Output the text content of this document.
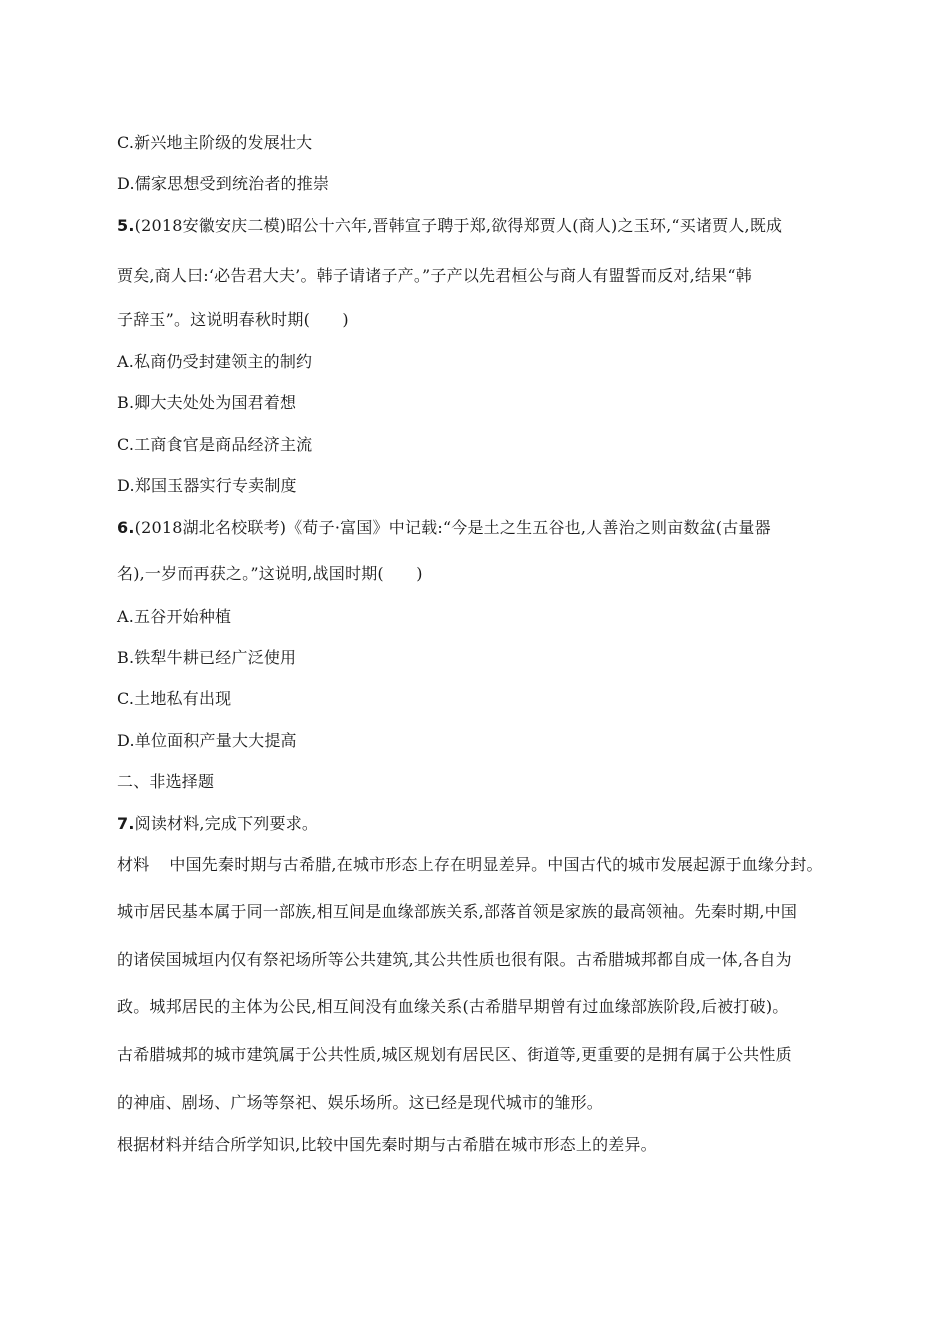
C.新兴地主阶级的发展壮大
D.儒家思想受到统治者的推崇
5.(2018安徽安庆二模)昭公十六年,晋韩宣子聘于郑,欲得郑贾人(商人)之玉环,“买诸贾人,既成
贾矣,商人曰:‘必告君大夫’。韩子请诸子产。”子产以先君桓公与商人有盟誓而反对,结果“韩
子辞玉”。这说明春秋时期(　　)
A.私商仍受封建领主的制约
B.卿大夫处处为国君着想
C.工商食官是商品经济主流
D.郑国玉器实行专卖制度
6.(2018湖北名校联考)《荀子·富国》中记载:“今是土之生五谷也,人善治之则亩数盆(古量器
名),一岁而再获之。”这说明,战国时期(　　)
A.五谷开始种植
B.铁犁牛耕已经广泛使用
C.土地私有出现
D.单位面积产量大大提高
二、非选择题
7.阅读材料,完成下列要求。
材料 中国先秦时期与古希腊,在城市形态上存在明显差异。中国古代的城市发展起源于血缘分封。
城市居民基本属于同一部族,相互间是血缘部族关系,部落首领是家族的最高领袖。先秦时期,中国
的诸侯国城垣内仅有祭祀场所等公共建筑,其公共性质也很有限。古希腊城邦都自成一体,各自为
政。城邦居民的主体为公民,相互间没有血缘关系(古希腊早期曾有过血缘部族阶段,后被打破)。
古希腊城邦的城市建筑属于公共性质,城区规划有居民区、街道等,更重要的是拥有属于公共性质
的神庙、剧场、广场等祭祀、娱乐场所。这已经是现代城市的雏形。
根据材料并结合所学知识,比较中国先秦时期与古希腊在城市形态上的差异。
